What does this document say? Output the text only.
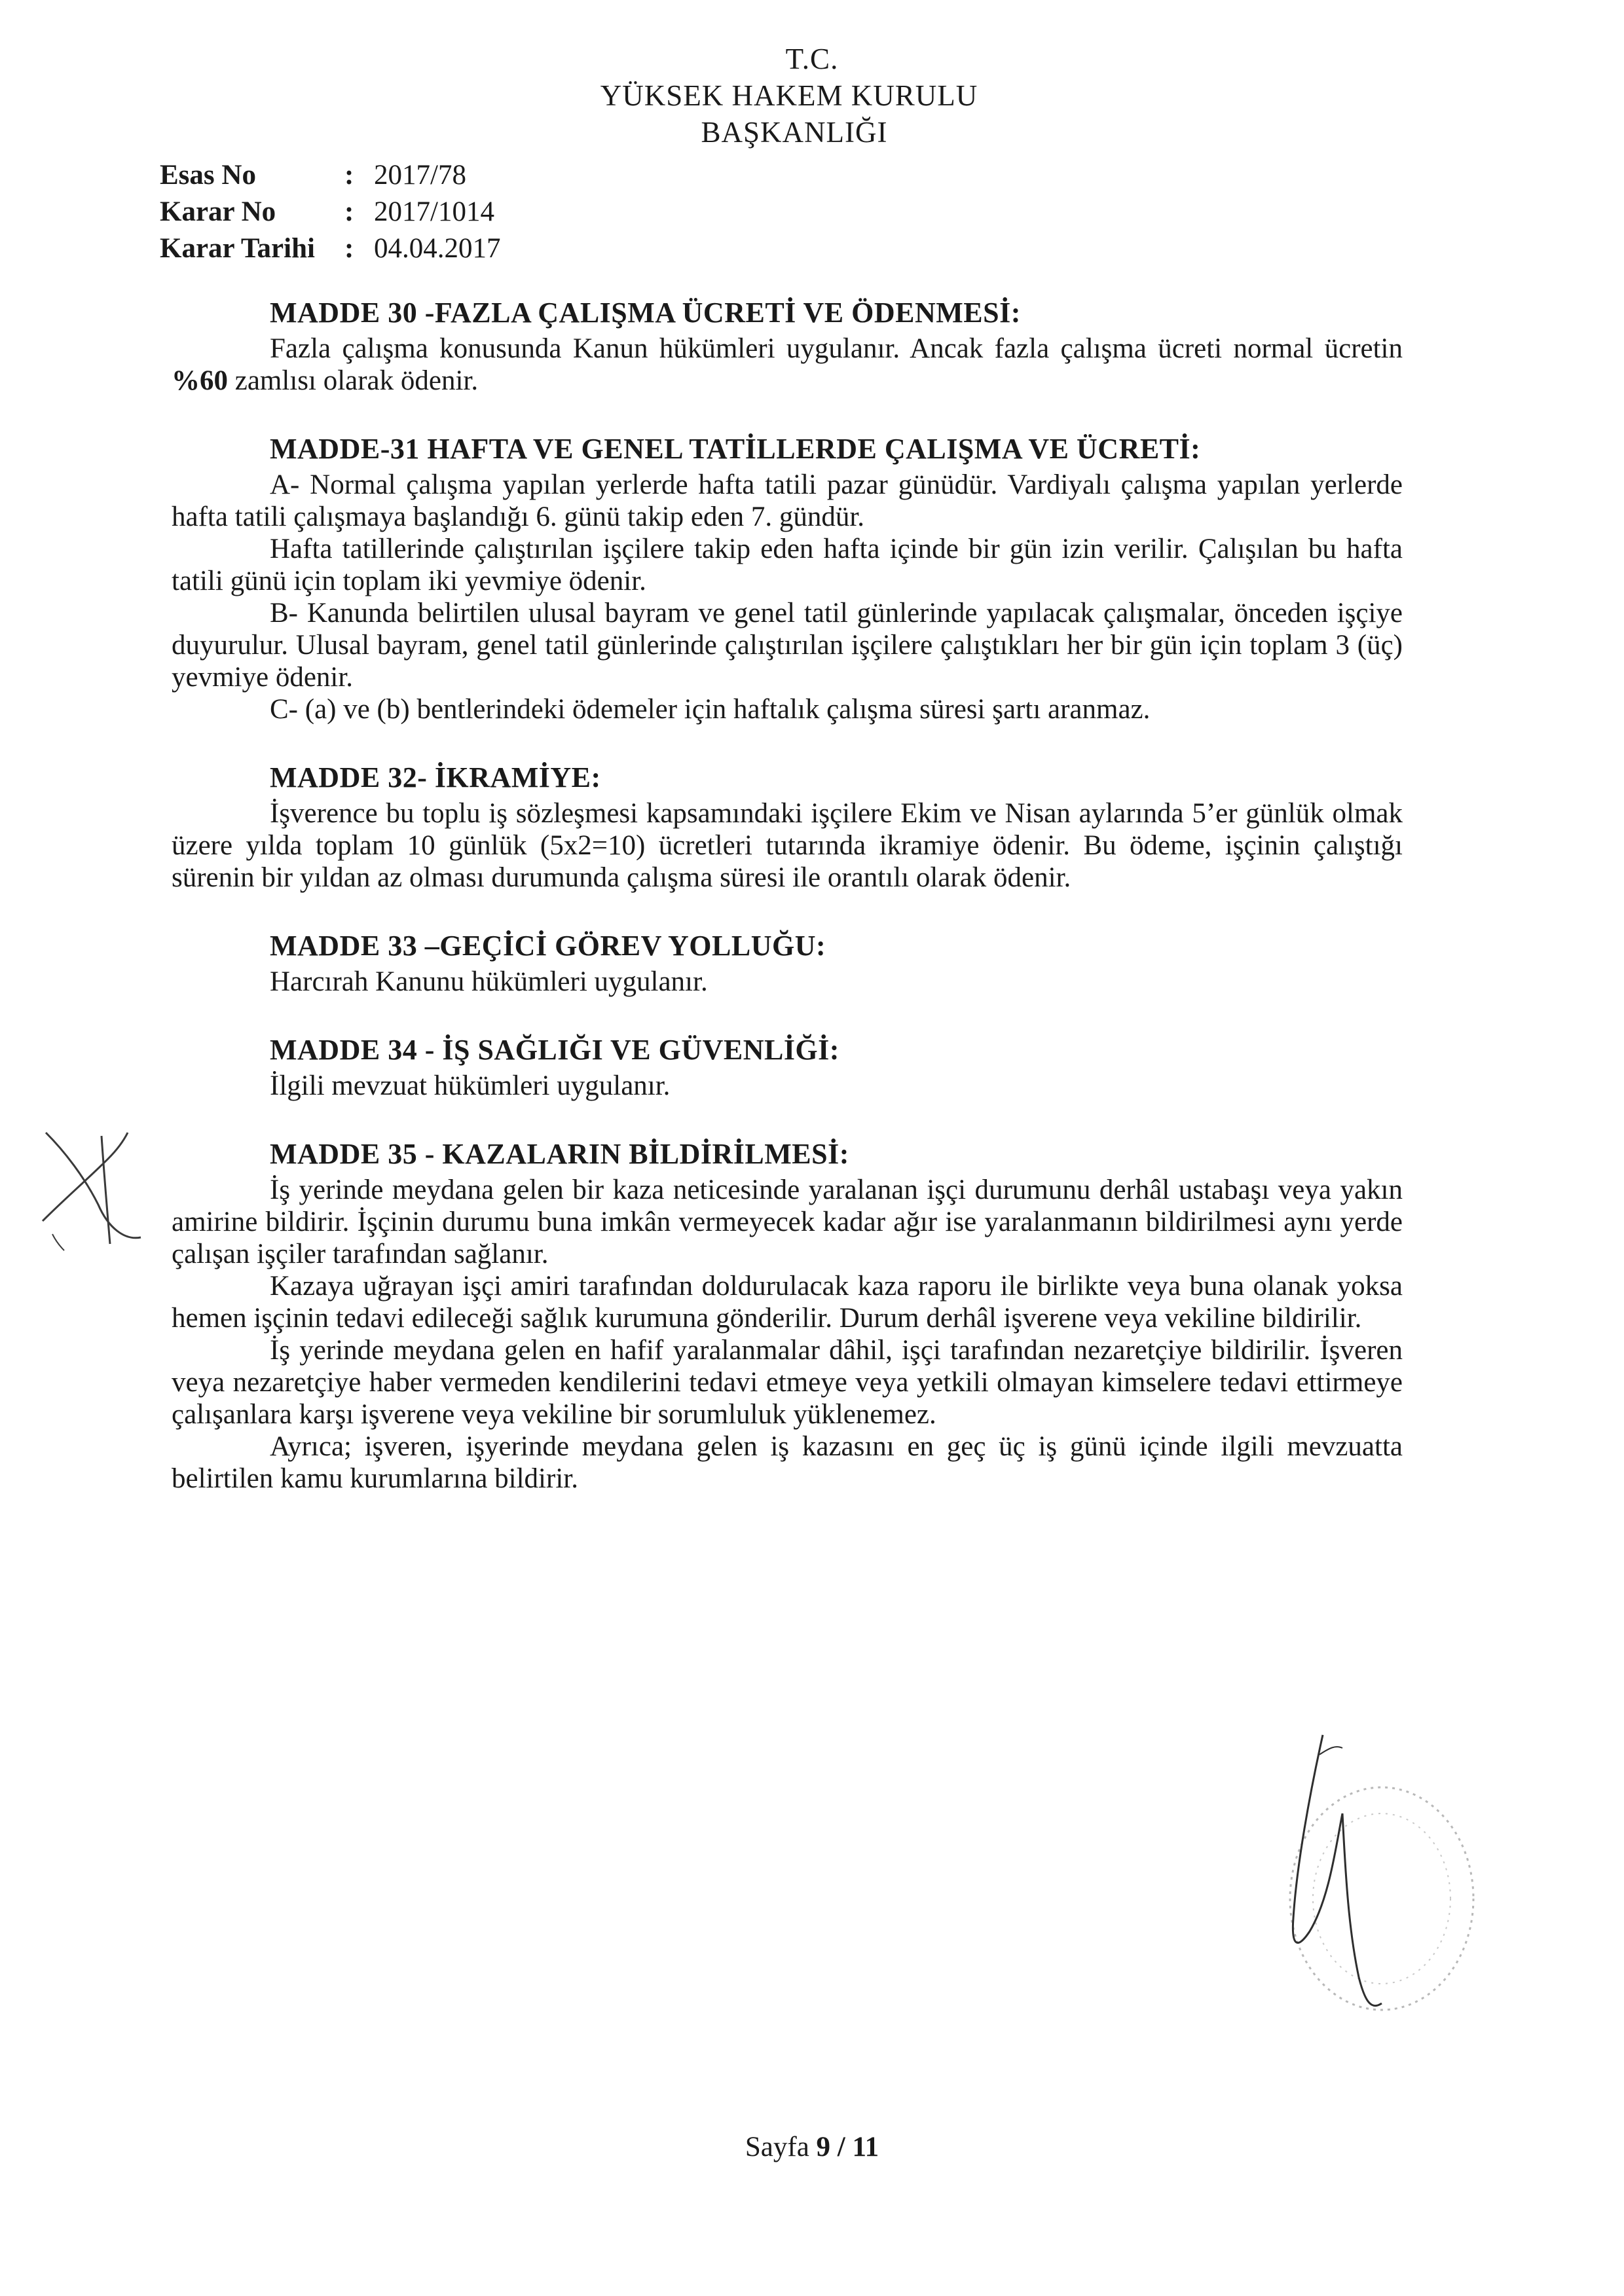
T.C.
YÜKSEK HAKEM KURULU
BAŞKANLIĞI
Esas No	: 2017/78
Karar No	: 2017/1014
Karar Tarihi	: 04.04.2017
MADDE 30 -FAZLA ÇALIŞMA ÜCRETİ VE ÖDENMESİ:

Fazla çalışma konusunda Kanun hükümleri uygulanır. Ancak fazla çalışma ücreti normal ücretin %60 zamlısı olarak ödenir.

MADDE-31 HAFTA VE GENEL TATİLLERDE ÇALIŞMA VE ÜCRETİ:

A- Normal çalışma yapılan yerlerde hafta tatili pazar günüdür. Vardiyalı çalışma yapılan yerlerde hafta tatili çalışmaya başlandığı 6. günü takip eden 7. gündür.

Hafta tatillerinde çalıştırılan işçilere takip eden hafta içinde bir gün izin verilir. Çalışılan bu hafta tatili günü için toplam iki yevmiye ödenir.

B- Kanunda belirtilen ulusal bayram ve genel tatil günlerinde yapılacak çalışmalar, önceden işçiye duyurulur. Ulusal bayram, genel tatil günlerinde çalıştırılan işçilere çalıştıkları her bir gün için toplam 3 (üç) yevmiye ödenir.

C- (a) ve (b) bentlerindeki ödemeler için haftalık çalışma süresi şartı aranmaz.

MADDE 32- İKRAMİYE:

İşverence bu toplu iş sözleşmesi kapsamındaki işçilere Ekim ve Nisan aylarında 5’er günlük olmak üzere yılda toplam 10 günlük (5x2=10) ücretleri tutarında ikramiye ödenir. Bu ödeme, işçinin çalıştığı sürenin bir yıldan az olması durumunda çalışma süresi ile orantılı olarak ödenir.

MADDE 33 –GEÇİCİ GÖREV YOLLUĞU:

Harcırah Kanunu hükümleri uygulanır.

MADDE 34 - İŞ SAĞLIĞI VE GÜVENLİĞİ:

İlgili mevzuat hükümleri uygulanır.

MADDE 35 - KAZALARIN BİLDİRİLMESİ:

İş yerinde meydana gelen bir kaza neticesinde yaralanan işçi durumunu derhâl ustabaşı veya yakın amirine bildirir. İşçinin durumu buna imkân vermeyecek kadar ağır ise yaralanmanın bildirilmesi aynı yerde çalışan işçiler tarafından sağlanır.

Kazaya uğrayan işçi amiri tarafından doldurulacak kaza raporu ile birlikte veya buna olanak yoksa hemen işçinin tedavi edileceği sağlık kurumuna gönderilir. Durum derhâl işverene veya vekiline bildirilir.

İş yerinde meydana gelen en hafif yaralanmalar dâhil, işçi tarafından nezaretçiye bildirilir. İşveren veya nezaretçiye haber vermeden kendilerini tedavi etmeye veya yetkili olmayan kimselere tedavi ettirmeye çalışanlara karşı işverene veya vekiline bir sorumluluk yüklenemez.

Ayrıca; işveren, işyerinde meydana gelen iş kazasını en geç üç iş günü içinde ilgili mevzuatta belirtilen kamu kurumlarına bildirir.

Sayfa 9 / 11
